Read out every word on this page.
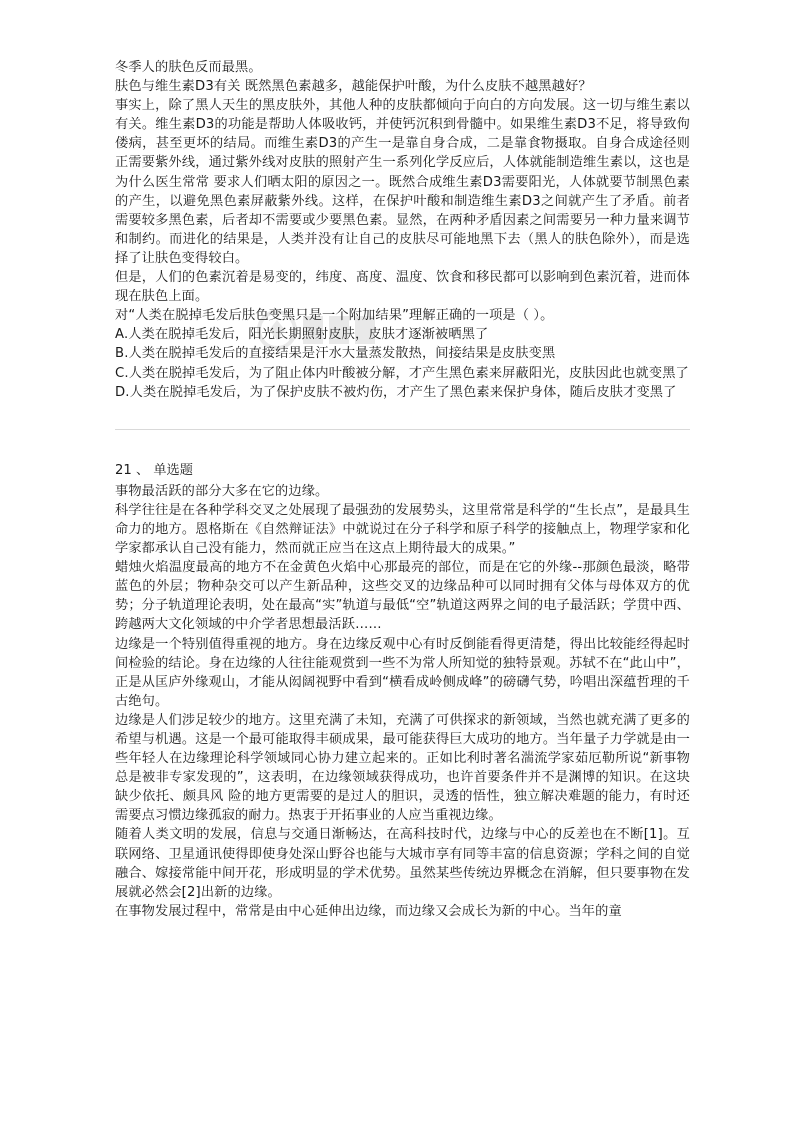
冬季人的肤色反而最黑。

肤色与维生素D3有关 既然黑色素越多，越能保护叶酸，为什么皮肤不越黑越好？

事实上，除了黑人天生的黑皮肤外，其他人种的皮肤都倾向于向白的方向发展。这一切与维生素以有关。维生素D3的功能是帮助人体吸收钙，并使钙沉积到骨髓中。如果维生素D3不足，将导致佝偻病，甚至更坏的结局。而维生素D3的产生一是靠自身合成，二是靠食物摄取。自身合成途径则正需要紫外线，通过紫外线对皮肤的照射产生一系列化学反应后，人体就能制造维生素以，这也是为什么医生常常 要求人们晒太阳的原因之一。既然合成维生素D3需要阳光，人体就要节制黑色素的产生，以避免黑色素屏蔽紫外线。这样，在保护叶酸和制造维生素D3之间就产生了矛盾。前者需要较多黑色素，后者却不需要或少要黑色素。显然，在两种矛盾因素之间需要另一种力量来调节和制约。而进化的结果是，人类并没有让自己的皮肤尽可能地黑下去（黑人的肤色除外），而是选择了让肤色变得较白。

但是，人们的色素沉着是易变的，纬度、髙度、温度、饮食和移民都可以影响到色素沉着，进而体现在肤色上面。

对“人类在脱掉毛发后肤色变黑只是一个附加结果”理解正确的一项是（ ）。

A.人类在脱掉毛发后，阳光长期照射皮肤，皮肤才逐渐被晒黑了

B.人类在脱掉毛发后的直接结果是汗水大量蒸发散热，间接结果是皮肤变黑

C.人类在脱掉毛发后，为了阻止体内叶酸被分解，才产生黑色素来屏蔽阳光，皮肤因此也就变黑了

D.人类在脱掉毛发后，为了保护皮肤不被灼伤，才产生了黑色素来保护身体，随后皮肤才变黑了

21 、 单选题

事物最活跃的部分大多在它的边缘。

科学往往是在各种学科交叉之处展现了最强劲的发展势头，这里常常是科学的“生长点”，是最具生命力的地方。恩格斯在《自然辩证法》中就说过在分子科学和原子科学的接触点上，物理学家和化学家都承认自己没有能力，然而就正应当在这点上期待最大的成果。”

蜡烛火焰温度最高的地方不在金黄色火焰中心那最亮的部位，而是在它的外缘--那颜色最淡，略带蓝色的外层；物种杂交可以产生新品种，这些交叉的边缘品种可以同时拥有父体与母体双方的优势；分子轨道理论表明，处在最高“实”轨道与最低“空”轨道这两界之间的电子最活跃；学贯中西、跨越两大文化领域的中介学者思想最活跃……

边缘是一个特别值得重视的地方。身在边缘反观中心有时反倒能看得更清楚，得出比较能经得起时间检验的结论。身在边缘的人往往能观赏到一些不为常人所知觉的独特景观。苏轼不在“此山中”，正是从匡庐外缘观山，才能从闳阔视野中看到“横看成岭侧成峰”的磅礴气势，吟唱出深蕴哲理的千古绝句。

边缘是人们涉足较少的地方。这里充满了未知，充满了可供探求的新领域，当然也就充满了更多的希望与机遇。这是一个最可能取得丰硕成果，最可能获得巨大成功的地方。当年量子力学就是由一些年轻人在边缘理论科学领域同心协力建立起来的。正如比利时著名湍流学家茹厄勒所说“新事物总是被非专家发现的”，这表明，在边缘领域获得成功，也许首要条件并不是渊博的知识。在这块缺少依托、颇具风 险的地方更需要的是过人的胆识，灵透的悟性，独立解决难题的能力，有时还需要点习惯边缘孤寂的耐力。热衷于开拓事业的人应当重视边缘。

随着人类文明的发展，信息与交通日渐畅达，在高科技时代，边缘与中心的反差也在不断[1]。互联网络、卫星通讯使得即使身处深山野谷也能与大城市享有同等丰富的信息资源；学科之间的自觉融合、嫁接常能中间开花，形成明显的学术优势。虽然某些传统边界概念在消解，但只要事物在发展就必然会[2]出新的边缘。

在事物发展过程中，常常是由中心延伸出边缘，而边缘又会成长为新的中心。当年的童
